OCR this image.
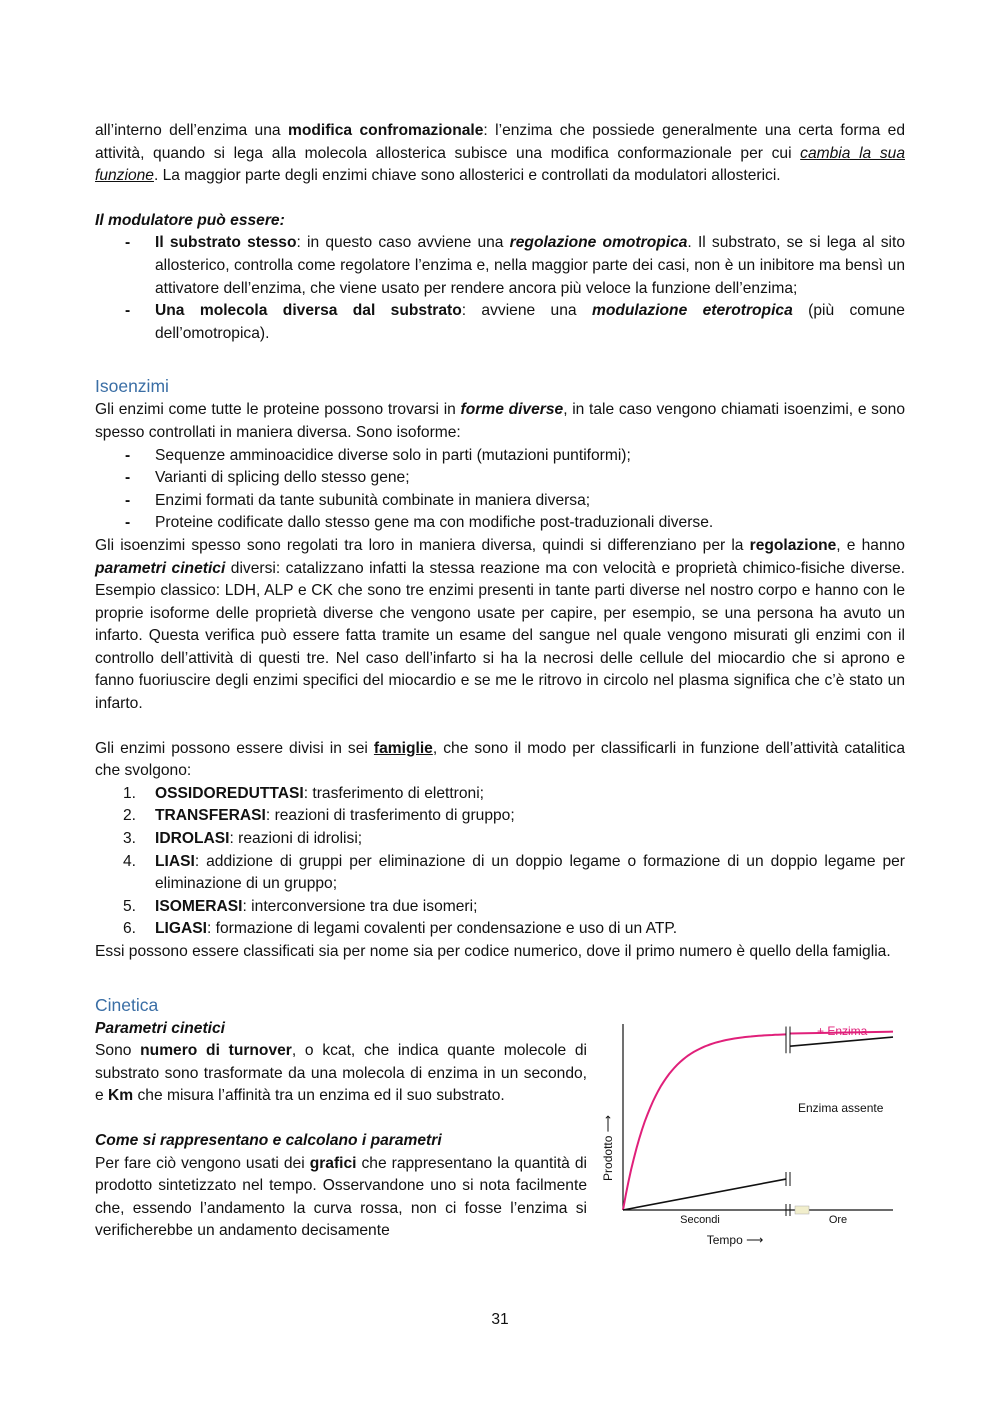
all’interno dell’enzima una modifica confromazionale: l’enzima che possiede generalmente una certa forma ed attività, quando si lega alla molecola allosterica subisce una modifica conformazionale per cui cambia la sua funzione. La maggior parte degli enzimi chiave sono allosterici e controllati da modulatori allosterici.

Il modulatore può essere:

- Il substrato stesso: in questo caso avviene una regolazione omotropica. Il substrato, se si lega al sito allosterico, controlla come regolatore l’enzima e, nella maggior parte dei casi, non è un inibitore ma bensì un attivatore dell’enzima, che viene usato per rendere ancora più veloce la funzione dell’enzima;
- Una molecola diversa dal substrato: avviene una modulazione eterotropica (più comune dell’omotropica).

Isoenzimi

Gli enzimi come tutte le proteine possono trovarsi in forme diverse, in tale caso vengono chiamati isoenzimi, e sono spesso controllati in maniera diversa. Sono isoforme:

- Sequenze amminoacidice diverse solo in parti (mutazioni puntiformi);
- Varianti di splicing dello stesso gene;
- Enzimi formati da tante subunità combinate in maniera diversa;
- Proteine codificate dallo stesso gene ma con modifiche post-traduzionali diverse.

Gli isoenzimi spesso sono regolati tra loro in maniera diversa, quindi si differenziano per la regolazione, e hanno parametri cinetici diversi: catalizzano infatti la stessa reazione ma con velocità e proprietà chimico-fisiche diverse. Esempio classico: LDH, ALP e CK che sono tre enzimi presenti in tante parti diverse nel nostro corpo e hanno con le proprie isoforme delle proprietà diverse che vengono usate per capire, per esempio, se una persona ha avuto un infarto. Questa verifica può essere fatta tramite un esame del sangue nel quale vengono misurati gli enzimi con il controllo dell’attività di questi tre. Nel caso dell’infarto si ha la necrosi delle cellule del miocardio che si aprono e fanno fuoriuscire degli enzimi specifici del miocardio e se me le ritrovo in circolo nel plasma significa che c’è stato un infarto.

Gli enzimi possono essere divisi in sei famiglie, che sono il modo per classificarli in funzione dell’attività catalitica che svolgono:

1. OSSIDOREDUTTASI: trasferimento di elettroni;
2. TRANSFERASI: reazioni di trasferimento di gruppo;
3. IDROLASI: reazioni di idrolisi;
4. LIASI: addizione di gruppi per eliminazione di un doppio legame o formazione di un doppio legame per eliminazione di un gruppo;
5. ISOMERASI: interconversione tra due isomeri;
6. LIGASI: formazione di legami covalenti per condensazione e uso di un ATP.

Essi possono essere classificati sia per nome sia per codice numerico, dove il primo numero è quello della famiglia.

Cinetica

Parametri cinetici

Sono numero di turnover, o kcat, che indica quante molecole di substrato sono trasformate da una molecola di enzima in un secondo, e Km che misura l’affinità tra un enzima ed il suo substrato.

Come si rappresentano e calcolano i parametri

Per fare ciò vengono usati dei grafici che rappresentano la quantità di prodotto sintetizzato nel tempo. Osservandone uno si nota facilmente che, essendo l’andamento la curva rossa, non ci fosse l’enzima si verificherebbe un andamento decisamente

Prodotto ⟶
Secondi	Ore
Tempo ⟶
+ Enzima
Enzima assente
31
